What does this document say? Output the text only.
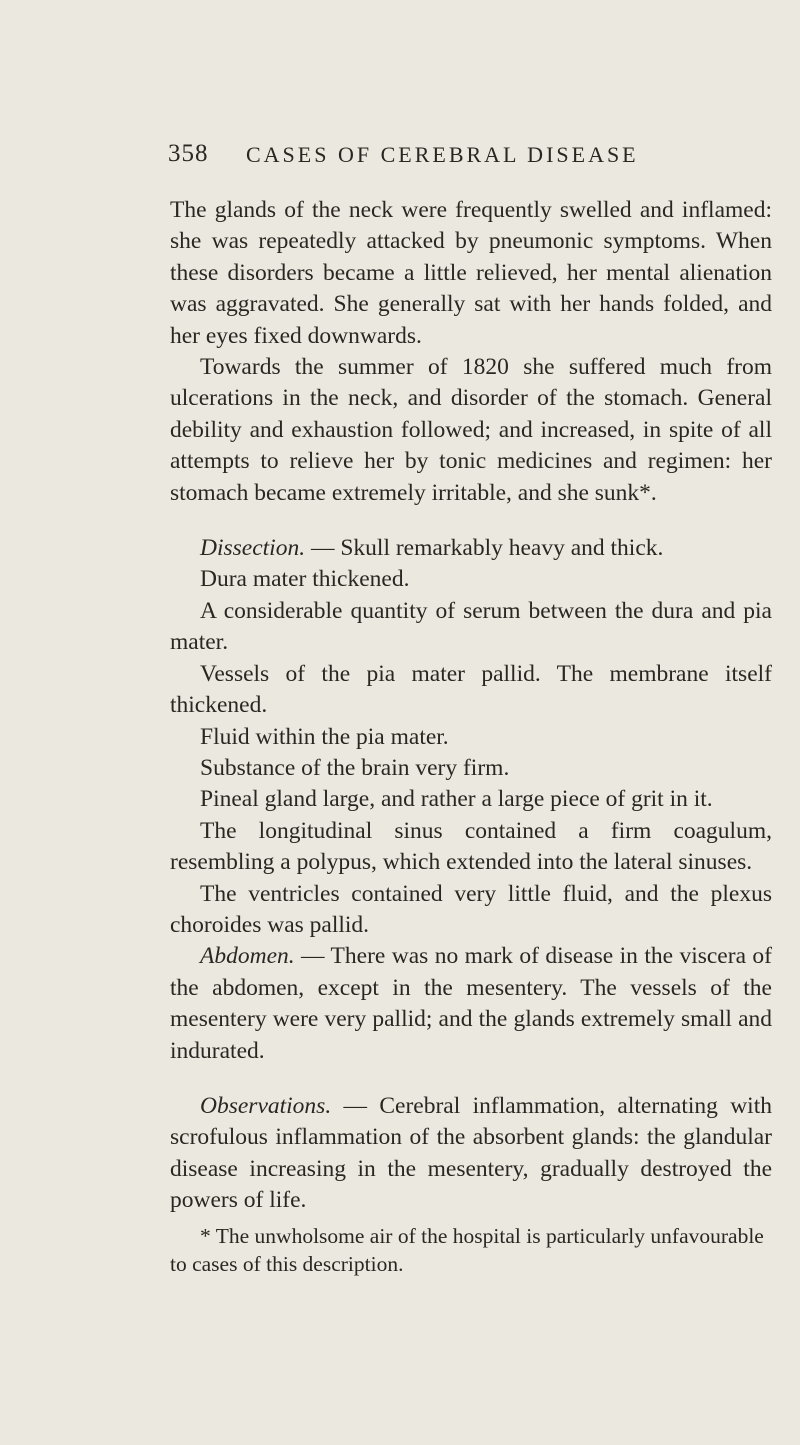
358 CASES OF CEREBRAL DISEASE

The glands of the neck were frequently swelled and inflamed: she was repeatedly attacked by pneumonic symptoms. When these disorders became a little relieved, her mental alienation was aggravated. She generally sat with her hands folded, and her eyes fixed downwards.

Towards the summer of 1820 she suffered much from ulcerations in the neck, and disorder of the stomach. General debility and exhaustion followed; and increased, in spite of all attempts to relieve her by tonic medicines and regimen: her stomach became extremely irritable, and she sunk*.

Dissection. — Skull remarkably heavy and thick.

Dura mater thickened.

A considerable quantity of serum between the dura and pia mater.

Vessels of the pia mater pallid. The membrane itself thickened.

Fluid within the pia mater.

Substance of the brain very firm.

Pineal gland large, and rather a large piece of grit in it.

The longitudinal sinus contained a firm coagulum, resembling a polypus, which extended into the lateral sinuses.

The ventricles contained very little fluid, and the plexus choroides was pallid.

Abdomen. — There was no mark of disease in the viscera of the abdomen, except in the mesentery. The vessels of the mesentery were very pallid; and the glands extremely small and indurated.

Observations. — Cerebral inflammation, alternating with scrofulous inflammation of the absorbent glands: the glandular disease increasing in the mesentery, gradually destroyed the powers of life.

* The unwholsome air of the hospital is particularly unfavourable to cases of this description.
